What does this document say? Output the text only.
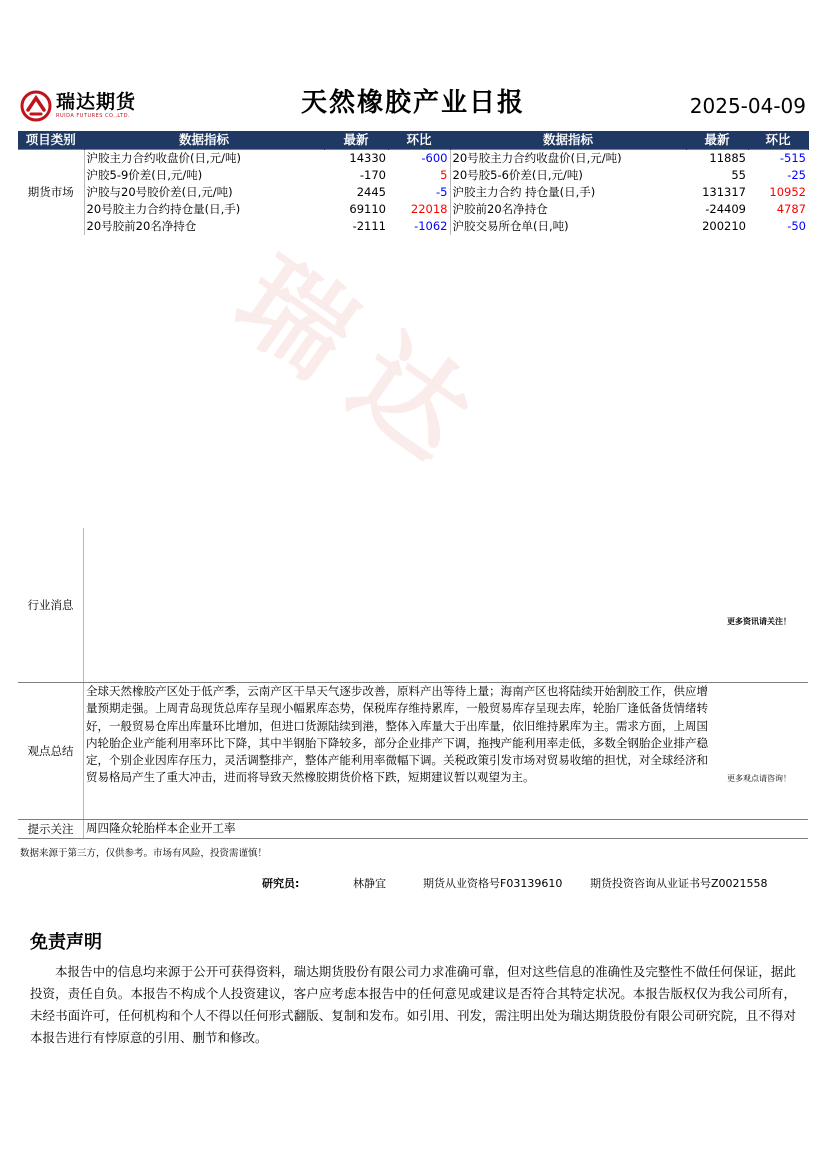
瑞达
瑞达期货
RUIDA FUTURES CO.,LTD.	天然橡胶产业日报	2025-04-09
项目类别	数据指标	最新	环比	数据指标	最新	环比
期货市场	沪胶主力合约收盘价(日,元/吨)	14330	-600	20号胶主力合约收盘价(日,元/吨)	11885	-515
	沪胶5-9价差(日,元/吨)	-170	5	20号胶5-6价差(日,元/吨)	55	-25
	沪胶与20号胶价差(日,元/吨)	2445	-5	沪胶主力合约 持仓量(日,手)	131317	10952
	20号胶主力合约持仓量(日,手)	69110	22018	沪胶前20名净持仓	-24409	4787
	20号胶前20名净持仓	-2111	-1062	沪胶交易所仓单(日,吨)	200210	-50
行业消息
更多资讯请关注！
观点总结
全球天然橡胶产区处于低产季，云南产区干旱天气逐步改善，原料产出等待上量；海南产区也将陆续开始割胶工作，供应增量预期走强。上周青岛现货总库存呈现小幅累库态势，保税库存维持累库，一般贸易库存呈现去库，轮胎厂逢低备货情绪转好，一般贸易仓库出库量环比增加，但进口货源陆续到港，整体入库量大于出库量，依旧维持累库为主。需求方面，上周国内轮胎企业产能利用率环比下降，其中半钢胎下降较多，部分企业排产下调，拖拽产能利用率走低，多数全钢胎企业排产稳定，个别企业因库存压力，灵活调整排产，整体产能利用率微幅下调。关税政策引发市场对贸易收缩的担忧，对全球经济和贸易格局产生了重大冲击，进而将导致天然橡胶期货价格下跌，短期建议暂以观望为主。	更多观点请咨询！
提示关注	周四隆众轮胎样本企业开工率
数据来源于第三方，仅供参考。市场有风险，投资需谨慎！
研究员:	林静宜	期货从业资格号F03139610	期货投资咨询从业证书号Z0021558
免责声明
本报告中的信息均来源于公开可获得资料，瑞达期货股份有限公司力求准确可靠，但对这些信息的准确性及完整性不做任何保证，据此投资，责任自负。本报告不构成个人投资建议，客户应考虑本报告中的任何意见或建议是否符合其特定状况。本报告版权仅为我公司所有，未经书面许可，任何机构和个人不得以任何形式翻版、复制和发布。如引用、刊发，需注明出处为瑞达期货股份有限公司研究院，且不得对本报告进行有悖原意的引用、删节和修改。
